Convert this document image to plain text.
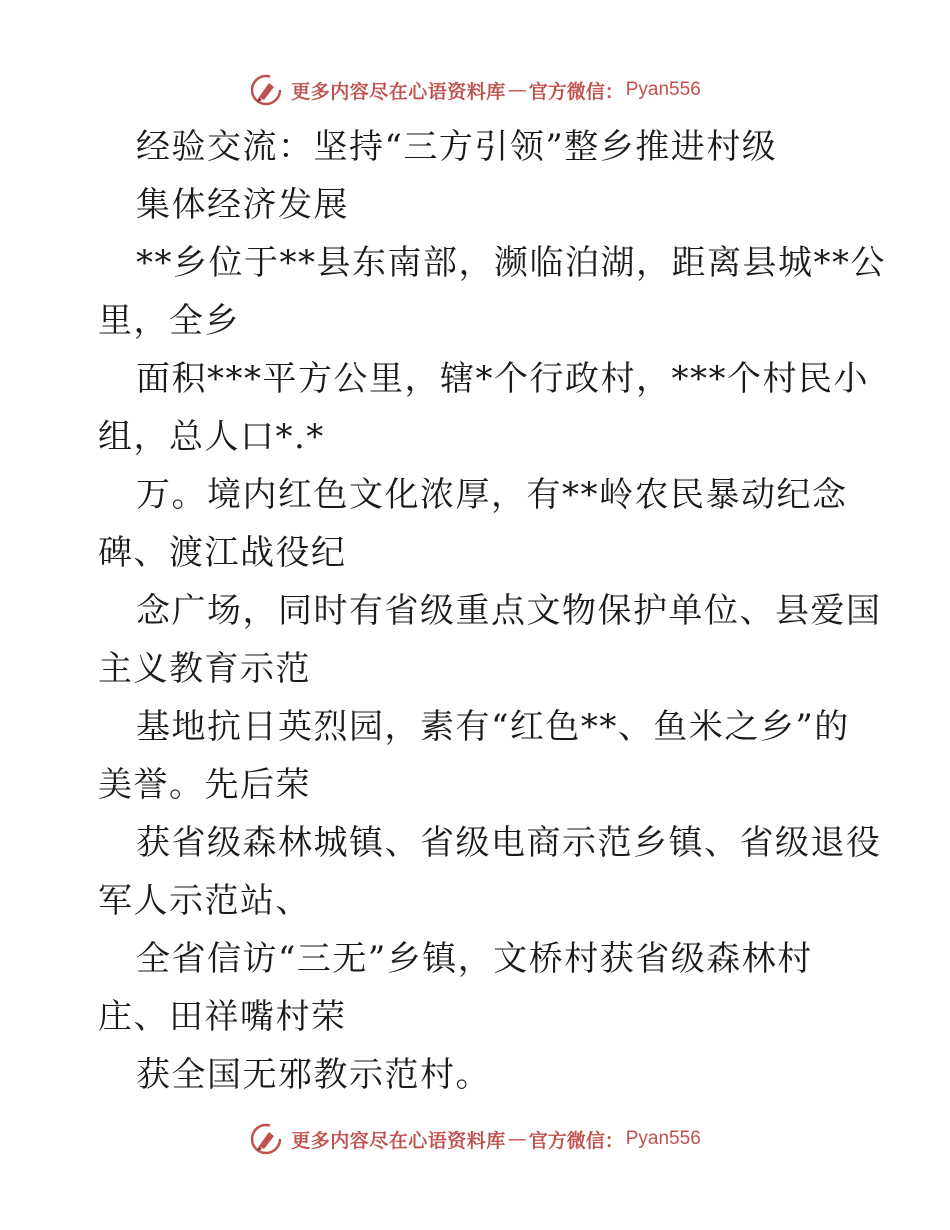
更多内容尽在心语资料库 — 官方微信： Pyan556
经验交流：坚持“三方引领”整乡推进村级
集体经济发展
**乡位于**县东南部，濒临泊湖，距离县城**公
里，全乡
面积***平方公里，辖*个行政村，***个村民小
组，总人口*.*
万。境内红色文化浓厚，有**岭农民暴动纪念
碑、渡江战役纪
念广场，同时有省级重点文物保护单位、县爱国
主义教育示范
基地抗日英烈园，素有“红色**、鱼米之乡”的
美誉。先后荣
获省级森林城镇、省级电商示范乡镇、省级退役
军人示范站、
全省信访“三无”乡镇，文桥村获省级森林村
庄、田祥嘴村荣
获全国无邪教示范村。
更多内容尽在心语资料库 — 官方微信： Pyan556
